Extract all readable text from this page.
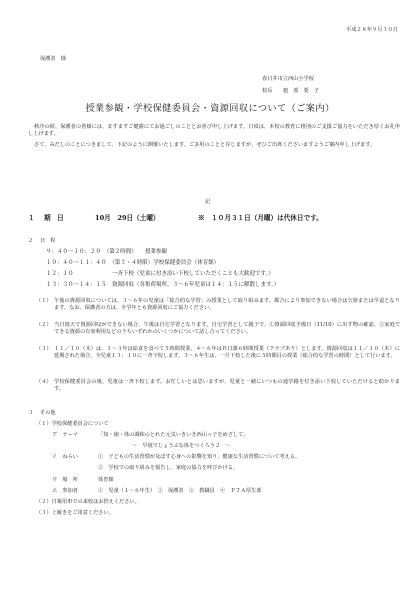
平成２８年９月３０日
保護者　様
春日井市立西山小学校
校長　　廻　部　要　子
授業参観・学校保健委員会・資源回収について（ご案内）
秋冷の候、保護者の皆様には、ますますご健勝にてお過ごしのこととお喜び申し上げます。日頃は、本校の教育に格別のご支援ご協力をいただき厚くお礼申し上げます。
さて、みだしのことにつきまして、下記のように開催いたします。ご多用のことと存じますが、ぜひご出席くださいますようご案内申し上げます。
記
１ 期　日	10月　29日（土曜）	※　１０月３１日（月曜）は代休日です。
２ 日　程
９：４０～１０：２０　（第２時間）　　授業参観
１０：４０～１１：４０　（第３・４時限）学校保健委員会（体育館）
１２：１０　　　　　　　一斉下校（児童に付き添い下校していただくことも大歓迎です。）
１３：３０～１４：１５　資源回収（各集荷場所、３～６年児童は１４：１５に解散します。）
（１） 午後の資源回収については、３～６年の児童は「総合的な学習」の授業として取り組みます。都合により参加できない場合は欠席または早退となります。なお、保護者の方は、全学年とも資源回収にご協力ください。
（２） 当日雨天で資源回収ができない場合、午後は自宅学習となります。自宅学習として親子で、①資源回収予備日（11/10）に出す物の確認、②家庭でできる資源の有効利用などのうちいずれかのいくつかについて話し合ってください。
（３） １１／１０（木）は、１～３年は給食を食べて５時間授業、４～６年はＢ日課６時間授業（クラブあり）とします。資源回収は１１／１０（木）に延期された場合、全児童１３：１０に一斉下校します。３～６年生は、一旦下校した後に５時間目の授業（総合的な学習の時間）として行います。
（４） 学校保健委員会の後、児童は一斉下校します。お忙しいとは思いますが、児童と一緒にいつもの通学路を付き添い下校していただけると助かります。
３ その他
（１）学校保健委員会について
ア　テーマ	「知・徳・体の調和のとれた元気いきいき西山っ子をめざして」
～　早寝でじょうぶな体をつくろう２　～
イ　ねらい	①　子どもの生活習慣が及ぼす心身への影響を知り、健康な生活習慣について考える。
②　学校での取り組みを報告し、家庭の協力を呼びかける。
ウ　場　所	体育館
エ　参加者	①　児童（１～６年生）　②　保護者　③　教職員　④　ＰＴＡ厚生部
（２）日案用車での来校はお控えください。
（３）上履きをご用意ください。
